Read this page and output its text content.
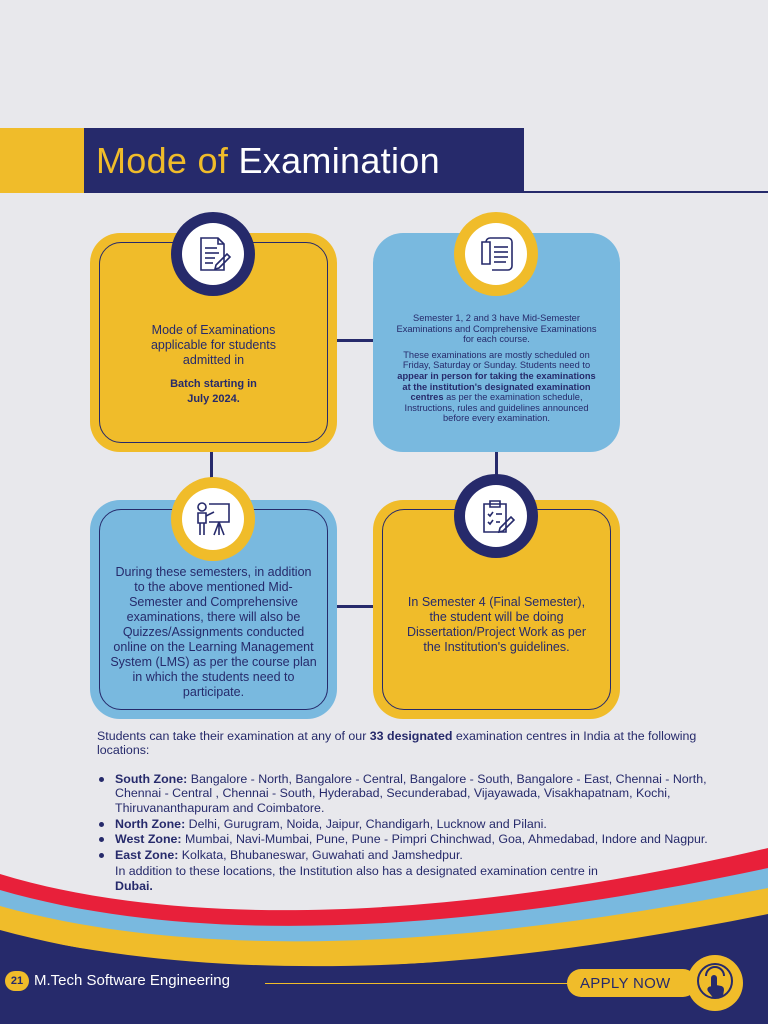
Mode of Examination
Mode of Examinations
applicable for students
admitted in
Batch starting in
July 2024.

Semester 1, 2 and 3 have Mid-Semester Examinations and Comprehensive Examinations for each course.

These examinations are mostly scheduled on Friday, Saturday or Sunday. Students need to appear in person for taking the examinations at the institution's designated examination centres as per the examination schedule, Instructions, rules and guidelines announced before every examination.

During these semesters, in addition to the above mentioned Mid-Semester and Comprehensive examinations, there will also be Quizzes/Assignments conducted online on the Learning Management System (LMS) as per the course plan in which the students need to participate.
In Semester 4 (Final Semester), the student will be doing Dissertation/Project Work as per the Institution's guidelines.

Students can take their examination at any of our 33 designated examination centres in India at the following locations:

South Zone: Bangalore - North, Bangalore - Central, Bangalore - South, Bangalore - East, Chennai - North, Chennai - Central , Chennai - South, Hyderabad, Secunderabad, Vijayawada, Visakhapatnam, Kochi, Thiruvananthapuram and Coimbatore.
North Zone: Delhi, Gurugram, Noida, Jaipur, Chandigarh, Lucknow and Pilani.
West Zone: Mumbai, Navi-Mumbai, Pune, Pune - Pimpri Chinchwad, Goa, Ahmedabad, Indore and Nagpur.
East Zone: Kolkata, Bhubaneswar, Guwahati and Jamshedpur.

In addition to these locations, the Institution also has a designated examination centre in Dubai.

21 M.Tech Software Engineering	APPLY NOW
